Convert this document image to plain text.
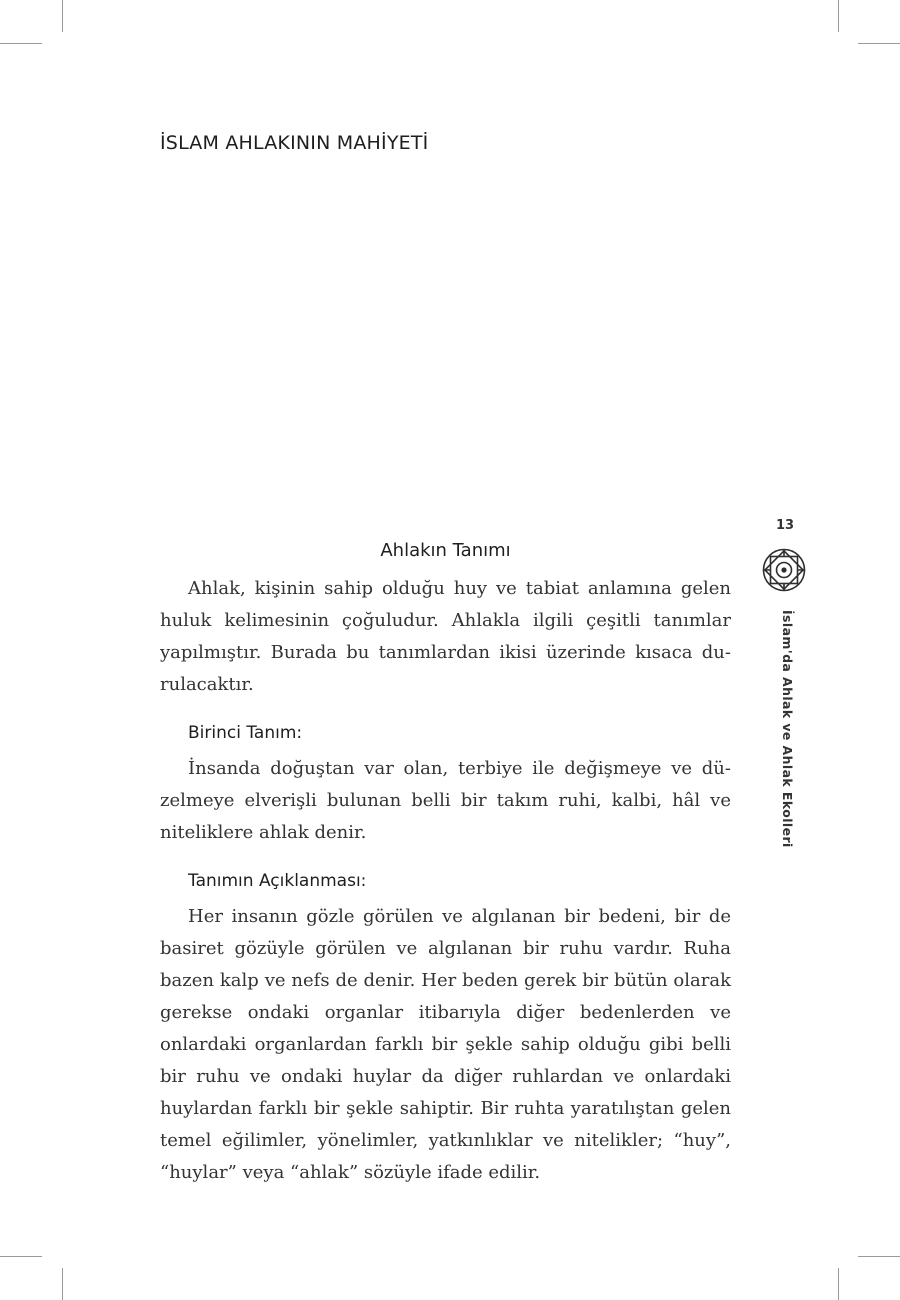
İSLAM AHLAKININ MAHİYETİ
13
İslam'da Ahlak ve Ahlak Ekolleri
Ahlakın Tanımı

Ahlak, kişinin sahip olduğu huy ve tabiat anlamına gelen huluk kelimesinin çoğuludur. Ahlakla ilgili çeşitli tanımlar yapılmıştır. Burada bu tanımlardan ikisi üzerinde kısaca durulacaktır.

Birinci Tanım:

İnsanda doğuştan var olan, terbiye ile değişmeye ve düzelmeye elverişli bulunan belli bir takım ruhi, kalbi, hâl ve niteliklere ahlak denir.

Tanımın Açıklanması:

Her insanın gözle görülen ve algılanan bir bedeni, bir de basiret gözüyle görülen ve algılanan bir ruhu vardır. Ruha bazen kalp ve nefs de denir. Her beden gerek bir bütün olarak gerekse ondaki organlar itibarıyla diğer bedenlerden ve onlardaki organlardan farklı bir şekle sahip olduğu gibi belli bir ruhu ve ondaki huylar da diğer ruhlardan ve onlardaki huylardan farklı bir şekle sahiptir. Bir ruhta yaratılıştan gelen temel eğilimler, yönelimler, yatkınlıklar ve nitelikler; “huy”, “huylar” veya “ahlak” sözüyle ifade edilir.
